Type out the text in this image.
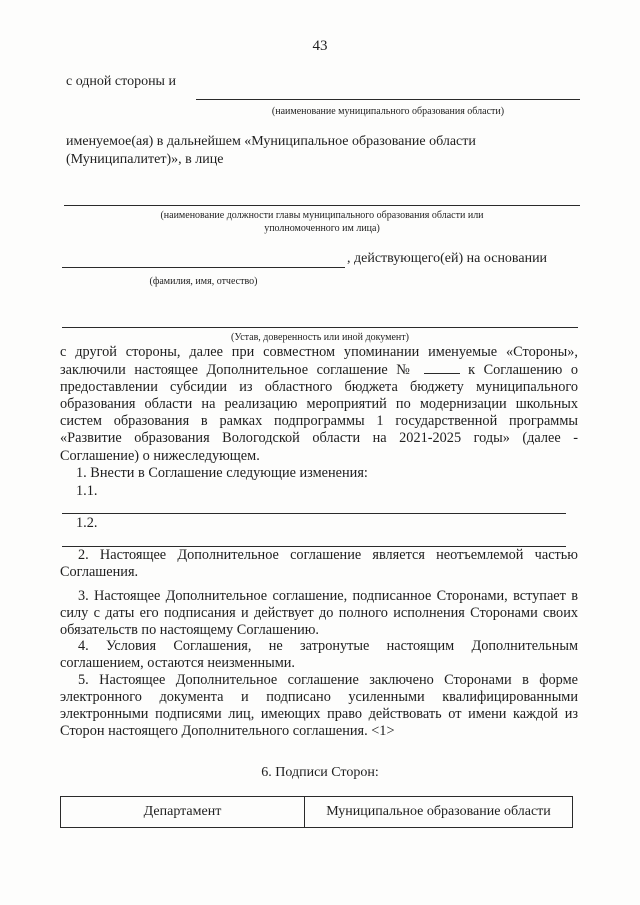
43
с одной стороны и
(наименование муниципального образования области)
именуемое(ая) в дальнейшем «Муниципальное образование области (Муниципалитет)», в лице
(наименование должности главы муниципального образования области или
уполномоченного им лица)
, действующего(ей) на основании
(фамилия, имя, отчество)
(Устав, доверенность или иной документ)
с другой стороны, далее при совместном упоминании именуемые «Стороны», заключили настоящее Дополнительное соглашение №	к Соглашению о предоставлении субсидии из областного бюджета бюджету муниципального образования области на реализацию мероприятий по модернизации школьных систем образования в рамках подпрограммы 1 государственной программы «Развитие образования Вологодской области на 2021-2025 годы» (далее - Соглашение) о нижеследующем.
1. Внести в Соглашение следующие изменения:
1.1.
1.2.
2. Настоящее Дополнительное соглашение является неотъемлемой частью Соглашения.
3. Настоящее Дополнительное соглашение, подписанное Сторонами, вступает в силу с даты его подписания и действует до полного исполнения Сторонами своих обязательств по настоящему Соглашению.
4. Условия Соглашения, не затронутые настоящим Дополнительным соглашением, остаются неизменными.
5. Настоящее Дополнительное соглашение заключено Сторонами в форме электронного документа и подписано усиленными квалифицированными электронными подписями лиц, имеющих право действовать от имени каждой из Сторон настоящего Дополнительного соглашения. <1>
6. Подписи Сторон:
Департамент	Муниципальное образование области
